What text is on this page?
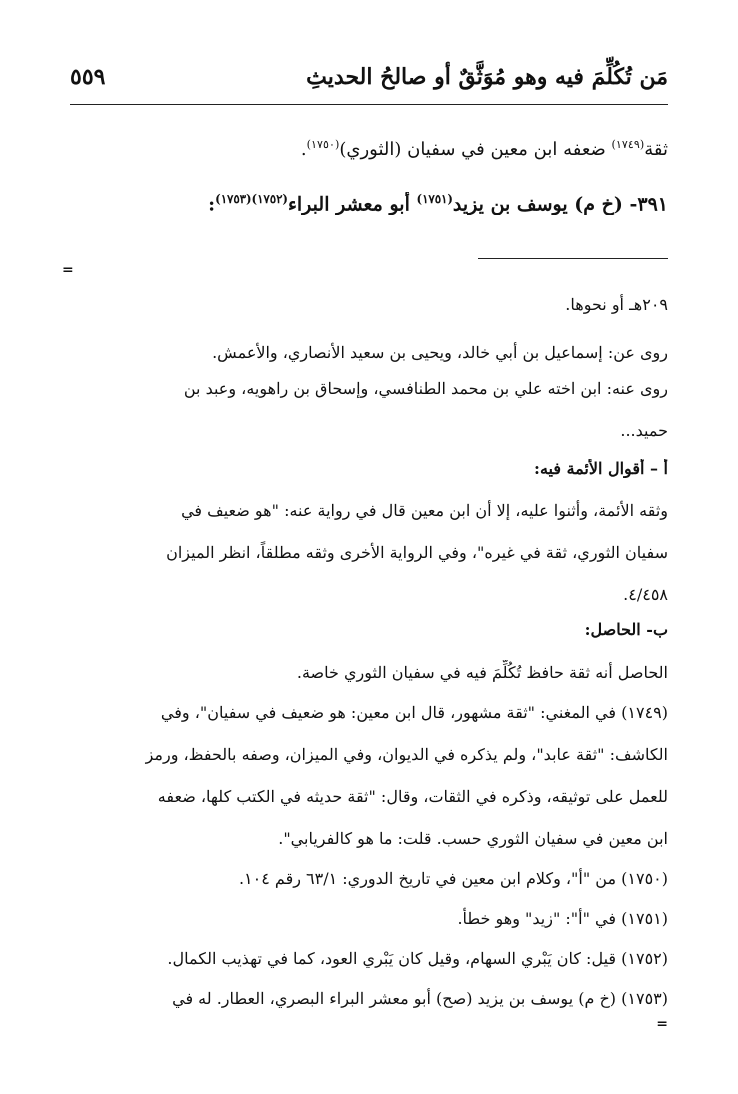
مَن تُكُلِّمَ فيه وهو مُوَثَّقٌ أو صالحُ الحديثِ
٥٥٩
ثقة$^{(١٧٤٩)}$ ضعفه ابن معين في سفيان (الثوري)$^{(١٧٥٠)}$.
٣٩١- (خ م) يوسف بن يزيد$^{(١٧٥١)}$ أبو معشر البراء$^{(١٧٥٢)(١٧٥٣)}$:
=
٢٠٩هـ أو نحوها.
روى عن: إسماعيل بن أبي خالد، ويحيى بن سعيد الأنصاري، والأعمش.
روى عنه: ابن اخته علي بن محمد الطنافسي، وإسحاق بن راهويه، وعبد بن
حميد...
أ – أقوال الأئمة فيه:
وثقه الأئمة، وأثنوا عليه، إلا أن ابن معين قال في رواية عنه: "هو ضعيف في
سفيان الثوري، ثقة في غيره"، وفي الرواية الأخرى وثقه مطلقاً، انظر الميزان
٤/٤٥٨.
ب- الحاصل:
الحاصل أنه ثقة حافظ تُكُلِّمَ فيه في سفيان الثوري خاصة.
(١٧٤٩) في المغني: "ثقة مشهور، قال ابن معين: هو ضعيف في سفيان"، وفي
الكاشف: "ثقة عابد"، ولم يذكره في الديوان، وفي الميزان، وصفه بالحفظ، ورمز
للعمل على توثيقه، وذكره في الثقات، وقال: "ثقة حديثه في الكتب كلها، ضعفه
ابن معين في سفيان الثوري حسب. قلت: ما هو كالفريابي".
(١٧٥٠) من "أ"، وكلام ابن معين في تاريخ الدوري: ٦٣/١ رقم ١٠٤.
(١٧٥١) في "أ": "زيد" وهو خطأ.
(١٧٥٢) قيل: كان يَبْري السهام، وقيل كان يَبْري العود، كما في تهذيب الكمال.
(١٧٥٣) (خ م) يوسف بن يزيد (صح) أبو معشر البراء البصري، العطار. له في
=
